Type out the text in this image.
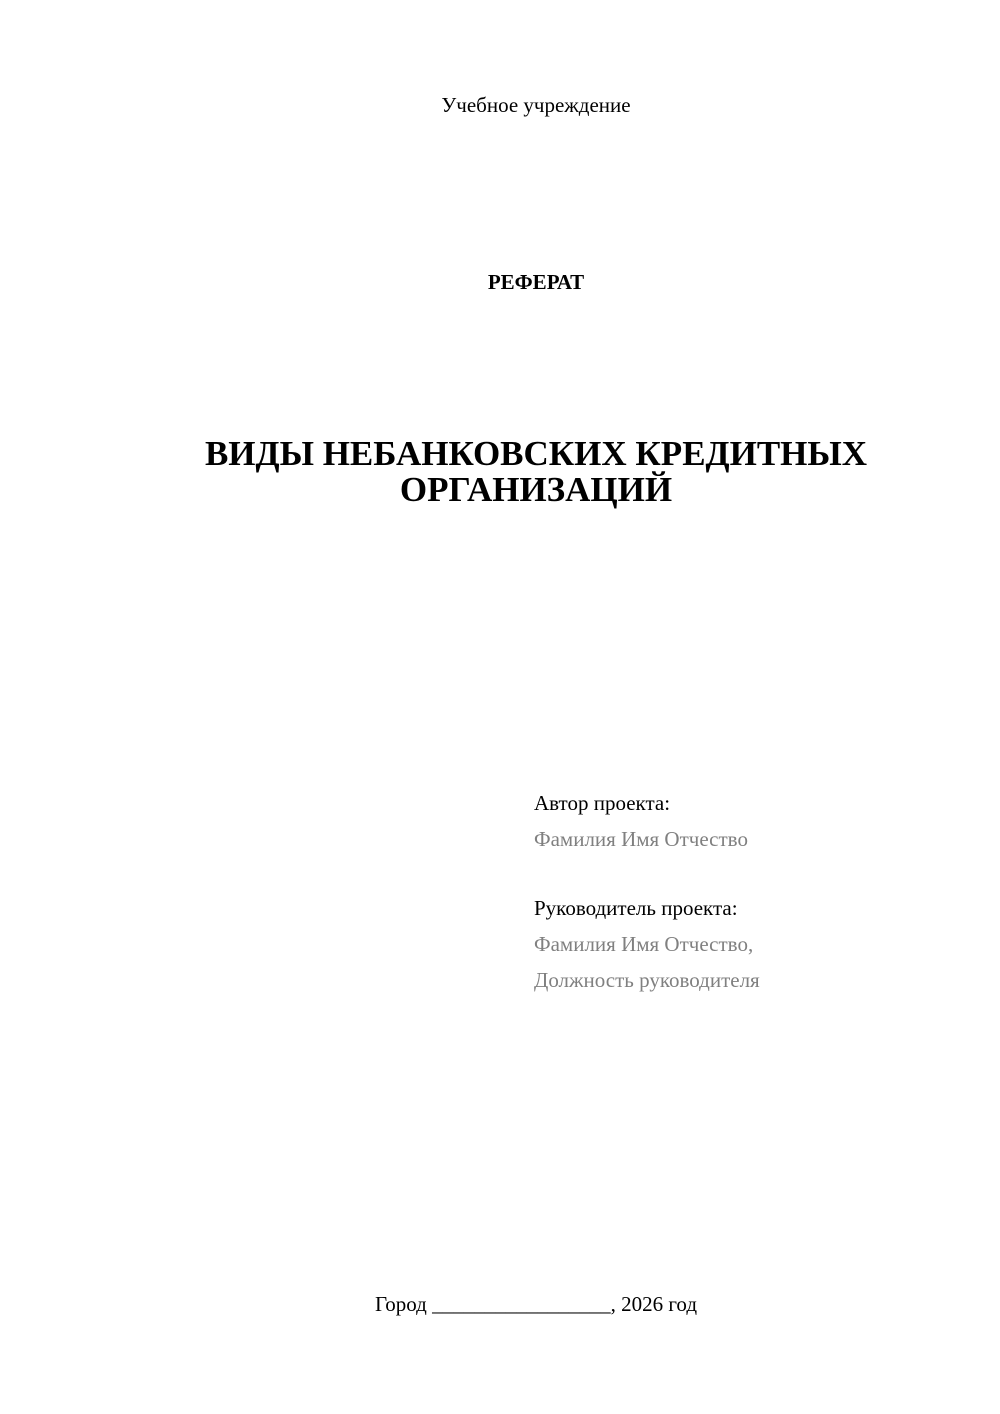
Учебное учреждение
РЕФЕРАТ
ВИДЫ НЕБАНКОВСКИХ КРЕДИТНЫХ
ОРГАНИЗАЦИЙ
Автор проекта:
Фамилия Имя Отчество
Руководитель проекта:
Фамилия Имя Отчество,
Должность руководителя
Город _________________, 2026 год
